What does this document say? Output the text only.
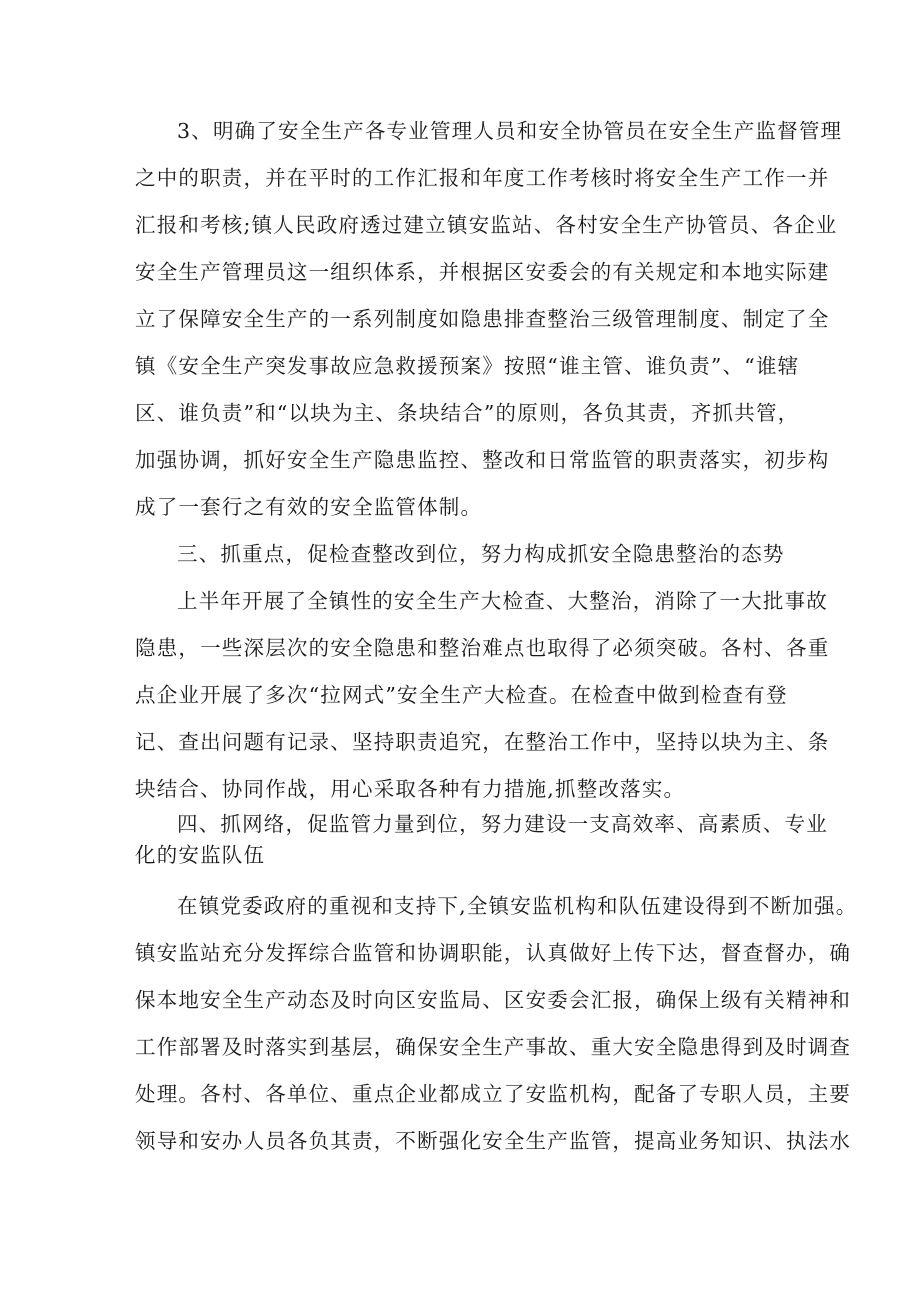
3、明确了安全生产各专业管理人员和安全协管员在安全生产监督管理
之中的职责，并在平时的工作汇报和年度工作考核时将安全生产工作一并
汇报和考核;镇人民政府透过建立镇安监站、各村安全生产协管员、各企业
安全生产管理员这一组织体系，并根据区安委会的有关规定和本地实际建
立了保障安全生产的一系列制度如隐患排查整治三级管理制度、制定了全
镇《安全生产突发事故应急救援预案》按照“谁主管、谁负责”、“谁辖
区、谁负责”和“以块为主、条块结合”的原则，各负其责，齐抓共管，
加强协调，抓好安全生产隐患监控、整改和日常监管的职责落实，初步构
成了一套行之有效的安全监管体制。
三、抓重点，促检查整改到位，努力构成抓安全隐患整治的态势
上半年开展了全镇性的安全生产大检查、大整治，消除了一大批事故
隐患，一些深层次的安全隐患和整治难点也取得了必须突破。各村、各重
点企业开展了多次“拉网式”安全生产大检查。在检查中做到检查有登
记、查出问题有记录、坚持职责追究，在整治工作中，坚持以块为主、条
块结合、协同作战，用心采取各种有力措施,抓整改落实。
四、抓网络，促监管力量到位，努力建设一支高效率、高素质、专业
化的安监队伍
在镇党委政府的重视和支持下,全镇安监机构和队伍建设得到不断加强。
镇安监站充分发挥综合监管和协调职能，认真做好上传下达，督查督办，确
保本地安全生产动态及时向区安监局、区安委会汇报，确保上级有关精神和
工作部署及时落实到基层，确保安全生产事故、重大安全隐患得到及时调查
处理。各村、各单位、重点企业都成立了安监机构，配备了专职人员，主要
领导和安办人员各负其责，不断强化安全生产监管，提高业务知识、执法水
